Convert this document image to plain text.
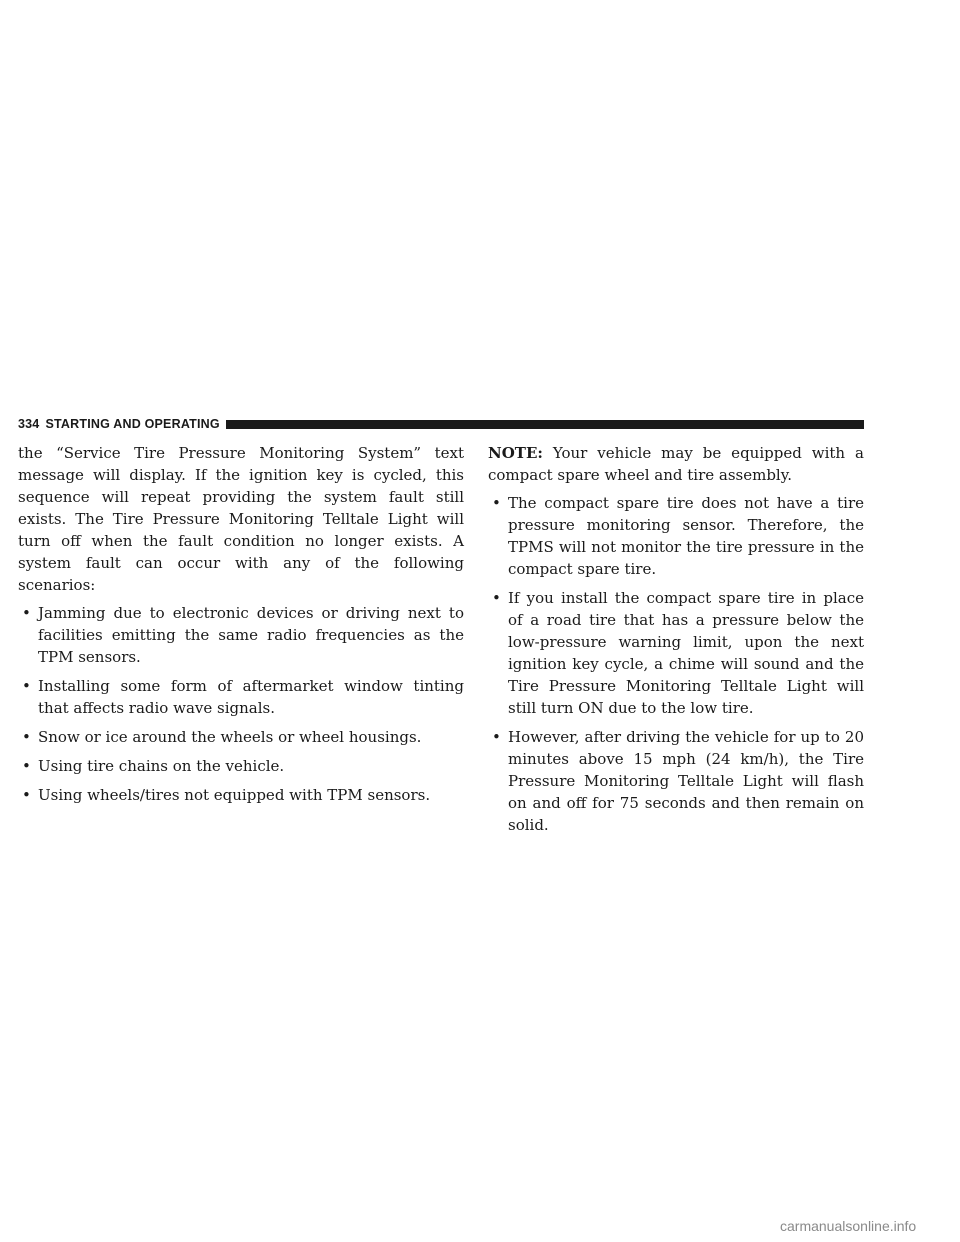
334 STARTING AND OPERATING

the “Service Tire Pressure Monitoring System” text message will display. If the ignition key is cycled, this sequence will repeat providing the system fault still exists. The Tire Pressure Monitoring Telltale Light will turn off when the fault condition no longer exists. A system fault can occur with any of the following scenarios:

• Jamming due to electronic devices or driving next to facilities emitting the same radio frequencies as the TPM sensors.
• Installing some form of aftermarket window tinting that affects radio wave signals.
• Snow or ice around the wheels or wheel housings.
• Using tire chains on the vehicle.
• Using wheels/tires not equipped with TPM sensors.

NOTE: Your vehicle may be equipped with a compact spare wheel and tire assembly.

• The compact spare tire does not have a tire pressure monitoring sensor. Therefore, the TPMS will not monitor the tire pressure in the compact spare tire.
• If you install the compact spare tire in place of a road tire that has a pressure below the low-pressure warning limit, upon the next ignition key cycle, a chime will sound and the Tire Pressure Monitoring Telltale Light will still turn ON due to the low tire.
• However, after driving the vehicle for up to 20 minutes above 15 mph (24 km/h), the Tire Pressure Monitoring Telltale Light will flash on and off for 75 seconds and then remain on solid.
carmanualsonline.info
